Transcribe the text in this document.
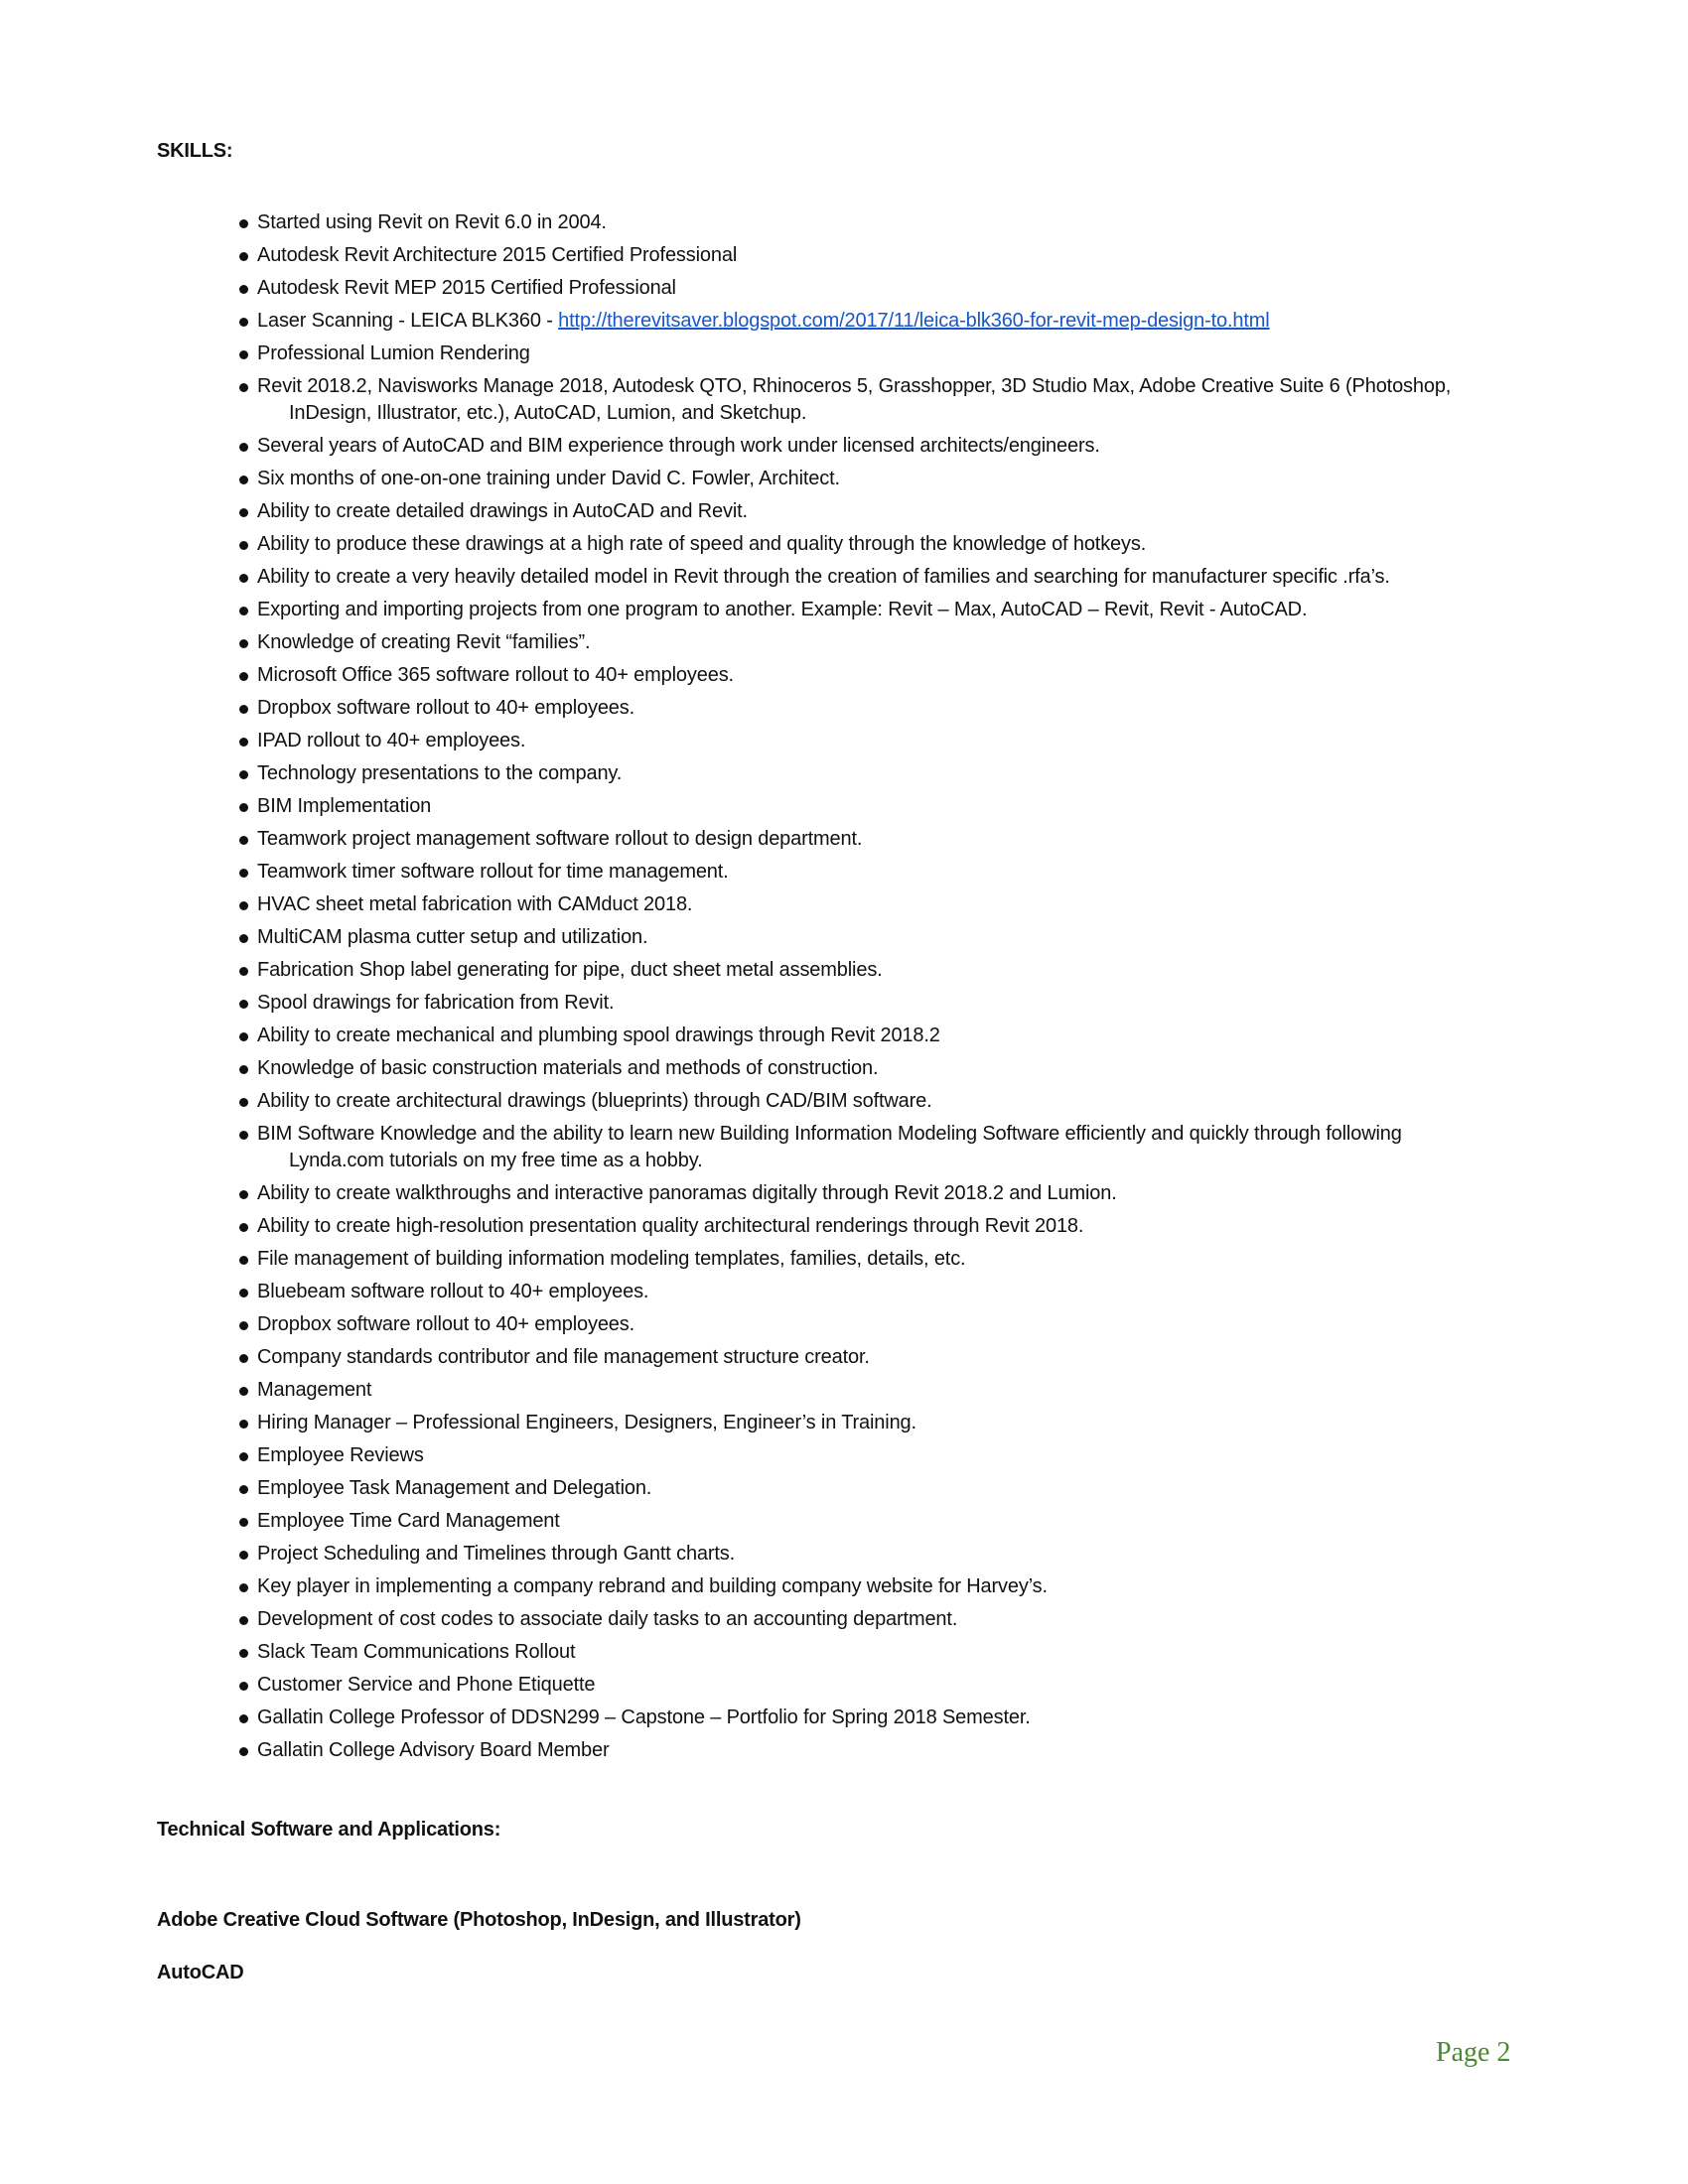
SKILLS:
Started using Revit on Revit 6.0 in 2004.
Autodesk Revit Architecture 2015 Certified Professional
Autodesk Revit MEP 2015 Certified Professional
Laser Scanning - LEICA BLK360 - http://therevitsaver.blogspot.com/2017/11/leica-blk360-for-revit-mep-design-to.html
Professional Lumion Rendering
Revit 2018.2, Navisworks Manage 2018, Autodesk QTO, Rhinoceros 5, Grasshopper, 3D Studio Max, Adobe Creative Suite 6 (Photoshop,
InDesign, Illustrator, etc.), AutoCAD, Lumion, and Sketchup.
Several years of AutoCAD and BIM experience through work under licensed architects/engineers.
Six months of one-on-one training under David C. Fowler, Architect.
Ability to create detailed drawings in AutoCAD and Revit.
Ability to produce these drawings at a high rate of speed and quality through the knowledge of hotkeys.
Ability to create a very heavily detailed model in Revit through the creation of families and searching for manufacturer specific .rfa’s.
Exporting and importing projects from one program to another. Example: Revit – Max, AutoCAD – Revit, Revit - AutoCAD.
Knowledge of creating Revit “families”.
Microsoft Office 365 software rollout to 40+ employees.
Dropbox software rollout to 40+ employees.
IPAD rollout to 40+ employees.
Technology presentations to the company.
BIM Implementation
Teamwork project management software rollout to design department.
Teamwork timer software rollout for time management.
HVAC sheet metal fabrication with CAMduct 2018.
MultiCAM plasma cutter setup and utilization.
Fabrication Shop label generating for pipe, duct sheet metal assemblies.
Spool drawings for fabrication from Revit.
Ability to create mechanical and plumbing spool drawings through Revit 2018.2
Knowledge of basic construction materials and methods of construction.
Ability to create architectural drawings (blueprints) through CAD/BIM software.
BIM Software Knowledge and the ability to learn new Building Information Modeling Software efficiently and quickly through following
Lynda.com tutorials on my free time as a hobby.
Ability to create walkthroughs and interactive panoramas digitally through Revit 2018.2 and Lumion.
Ability to create high-resolution presentation quality architectural renderings through Revit 2018.
File management of building information modeling templates, families, details, etc.
Bluebeam software rollout to 40+ employees.
Dropbox software rollout to 40+ employees.
Company standards contributor and file management structure creator.
Management
Hiring Manager – Professional Engineers, Designers, Engineer’s in Training.
Employee Reviews
Employee Task Management and Delegation.
Employee Time Card Management
Project Scheduling and Timelines through Gantt charts.
Key player in implementing a company rebrand and building company website for Harvey’s.
Development of cost codes to associate daily tasks to an accounting department.
Slack Team Communications Rollout
Customer Service and Phone Etiquette
Gallatin College Professor of DDSN299 – Capstone – Portfolio for Spring 2018 Semester.
Gallatin College Advisory Board Member
Technical Software and Applications:
Adobe Creative Cloud Software (Photoshop, InDesign, and Illustrator)
AutoCAD
Page 2
